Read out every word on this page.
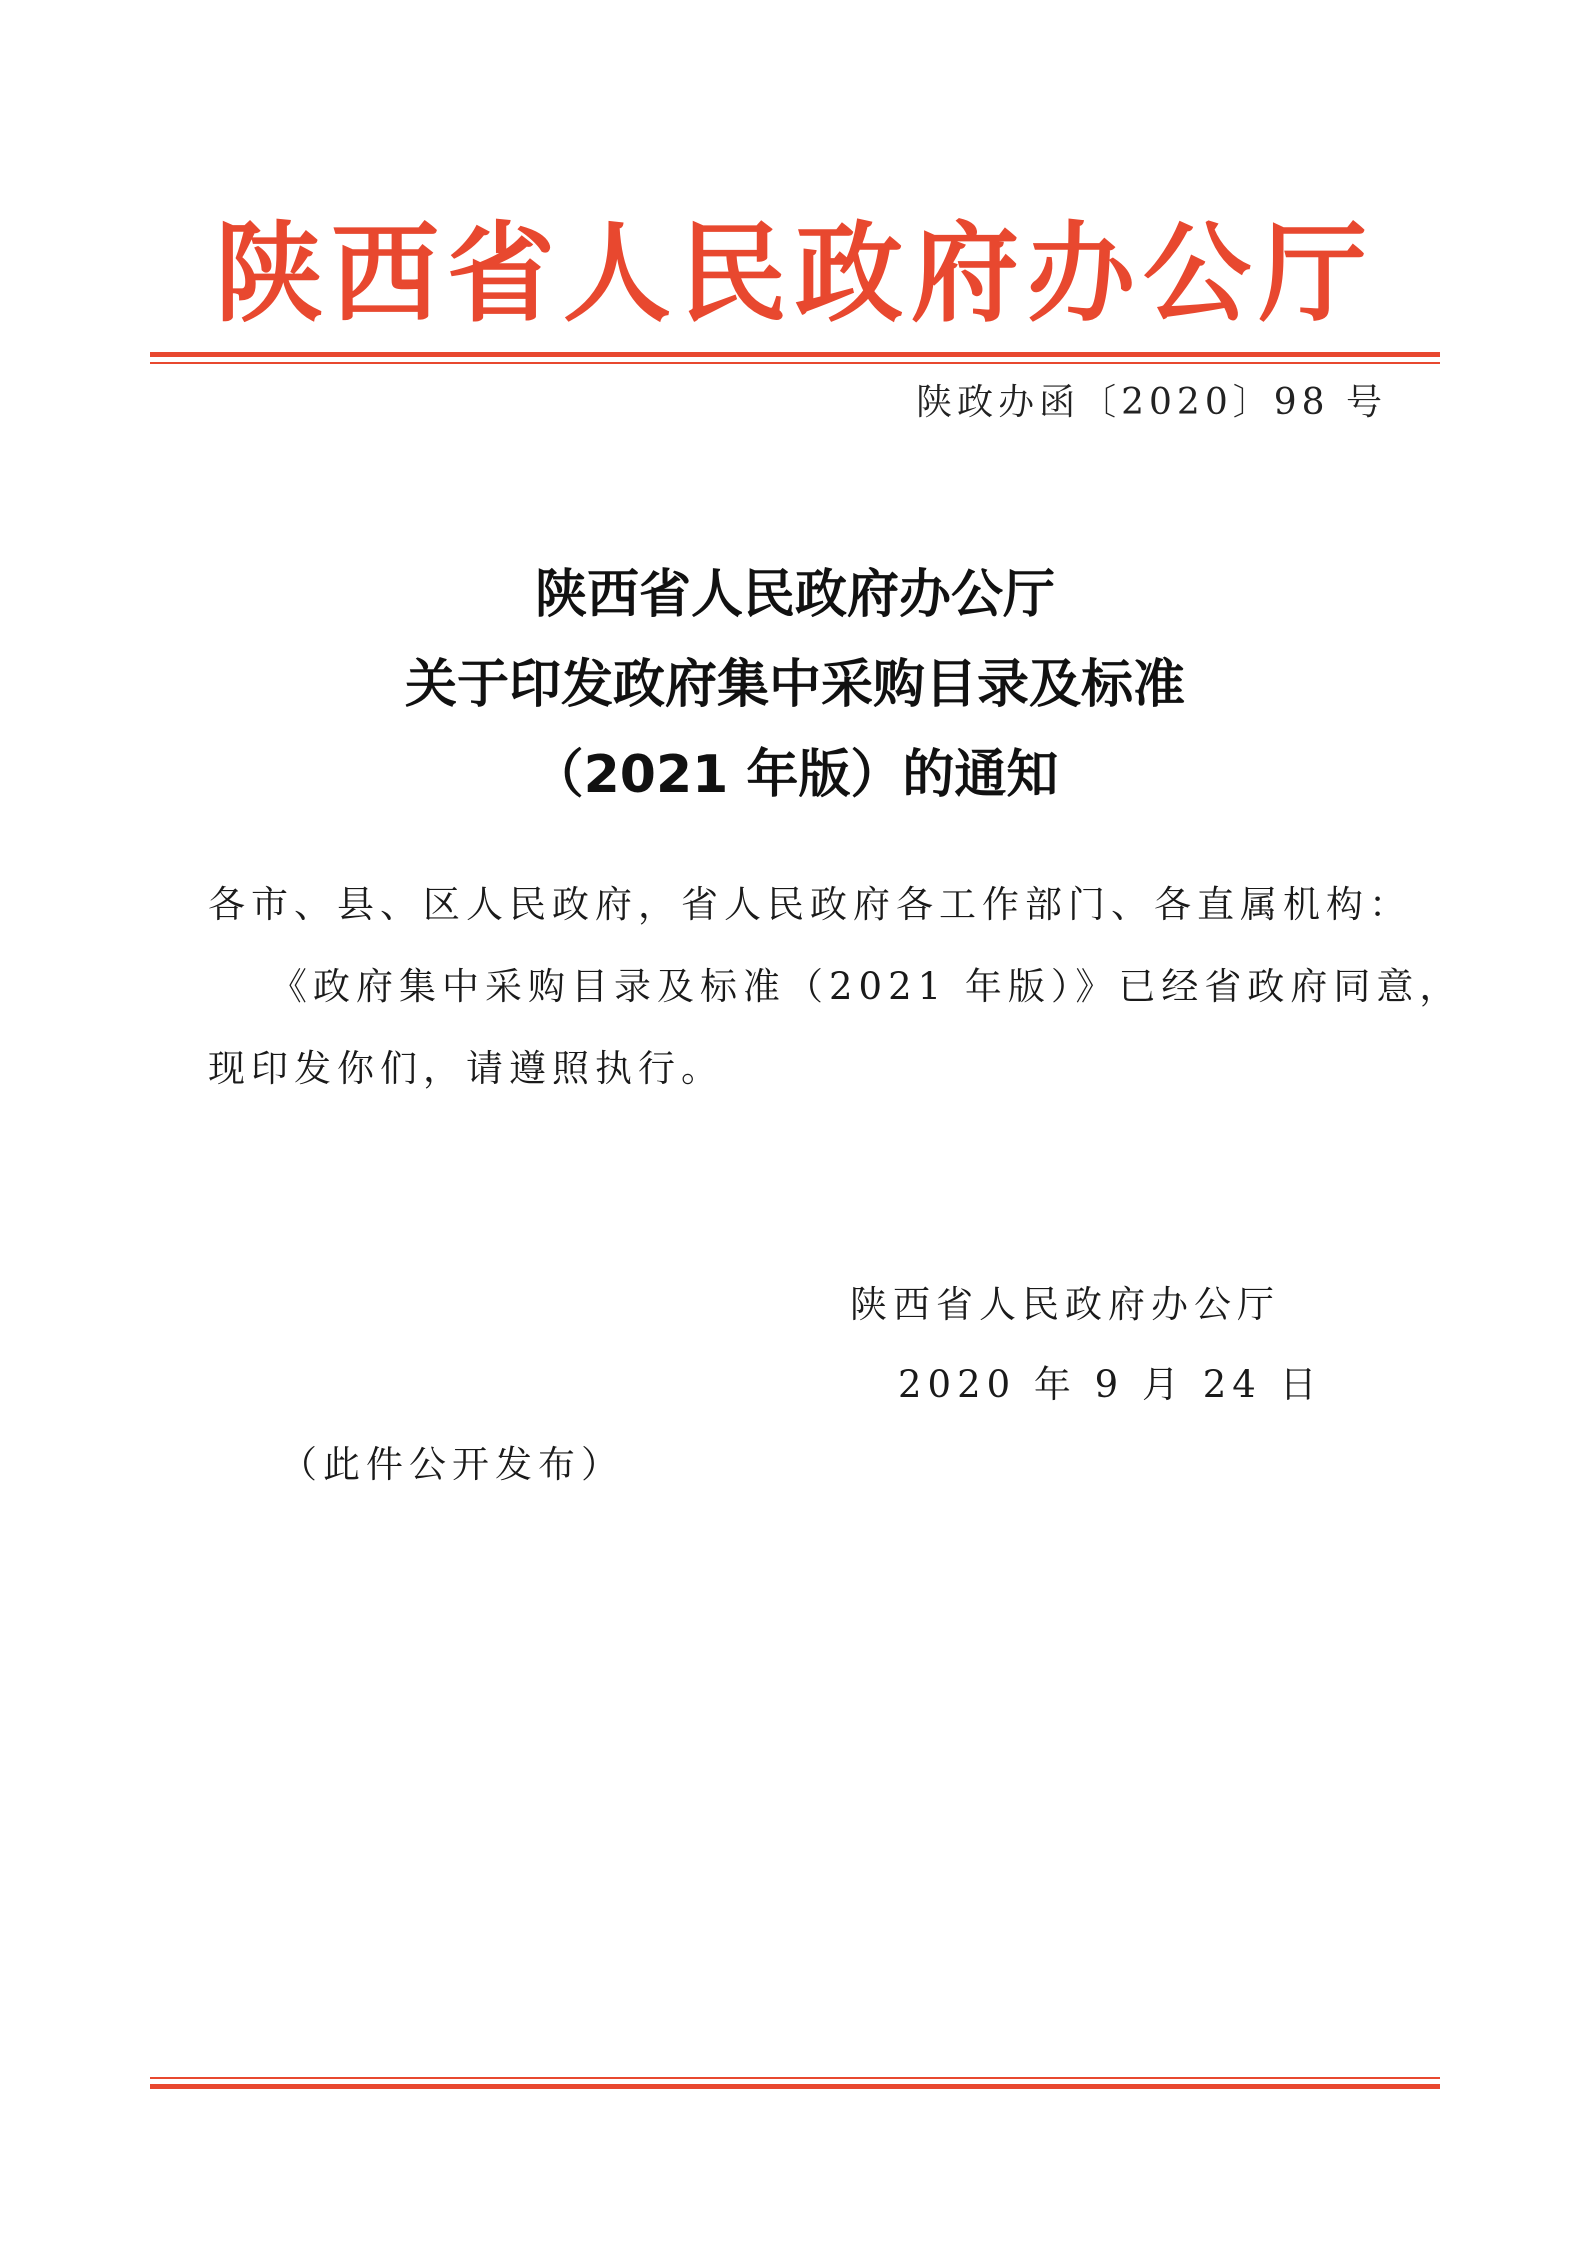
陕西省人民政府办公厅
陕政办函〔2020〕98 号
陕西省人民政府办公厅
关于印发政府集中采购目录及标准
（2021 年版）的通知
各市、县、区人民政府，省人民政府各工作部门、各直属机构：
《政府集中采购目录及标准（2021 年版）》已经省政府同意，
现印发你们，请遵照执行。
陕西省人民政府办公厅
2020 年 9 月 24 日
（此件公开发布）
